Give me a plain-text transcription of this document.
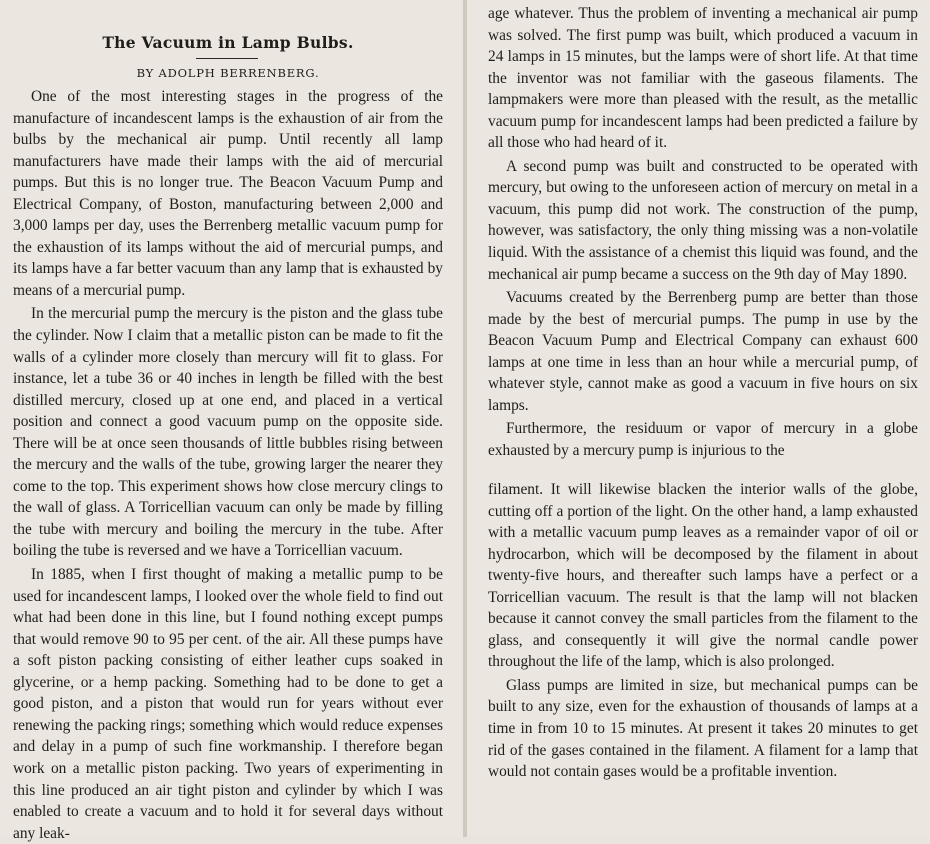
The Vacuum in Lamp Bulbs.
BY ADOLPH BERRENBERG.

One of the most interesting stages in the progress of the manufacture of incandescent lamps is the exhaustion of air from the bulbs by the mechanical air pump. Until recently all lamp manufacturers have made their lamps with the aid of mercurial pumps. But this is no longer true. The Beacon Vacuum Pump and Electrical Company, of Boston, manufacturing between 2,000 and 3,000 lamps per day, uses the Berrenberg metallic vacuum pump for the exhaustion of its lamps without the aid of mercurial pumps, and its lamps have a far better vacuum than any lamp that is exhausted by means of a mercurial pump.

In the mercurial pump the mercury is the piston and the glass tube the cylinder. Now I claim that a metallic piston can be made to fit the walls of a cylinder more closely than mercury will fit to glass. For instance, let a tube 36 or 40 inches in length be filled with the best distilled mercury, closed up at one end, and placed in a vertical position and connect a good vacuum pump on the opposite side. There will be at once seen thousands of little bubbles rising between the mercury and the walls of the tube, growing larger the nearer they come to the top. This experiment shows how close mercury clings to the wall of glass. A Torricellian vacuum can only be made by filling the tube with mercury and boiling the mercury in the tube. After boiling the tube is reversed and we have a Torricellian vacuum.

In 1885, when I first thought of making a metallic pump to be used for incandescent lamps, I looked over the whole field to find out what had been done in this line, but I found nothing except pumps that would remove 90 to 95 per cent. of the air. All these pumps have a soft piston packing consisting of either leather cups soaked in glycerine, or a hemp packing. Something had to be done to get a good piston, and a piston that would run for years without ever renewing the packing rings; something which would reduce expenses and delay in a pump of such fine workmanship. I therefore began work on a metallic piston packing. Two years of experimenting in this line produced an air tight piston and cylinder by which I was enabled to create a vacuum and to hold it for several days without any leak-

age whatever. Thus the problem of inventing a mechanical air pump was solved. The first pump was built, which produced a vacuum in 24 lamps in 15 minutes, but the lamps were of short life. At that time the inventor was not familiar with the gaseous filaments. The lampmakers were more than pleased with the result, as the metallic vacuum pump for incandescent lamps had been predicted a failure by all those who had heard of it.

A second pump was built and constructed to be operated with mercury, but owing to the unforeseen action of mercury on metal in a vacuum, this pump did not work. The construction of the pump, however, was satisfactory, the only thing missing was a non-volatile liquid. With the assistance of a chemist this liquid was found, and the mechanical air pump became a success on the 9th day of May 1890.

Vacuums created by the Berrenberg pump are better than those made by the best of mercurial pumps. The pump in use by the Beacon Vacuum Pump and Electrical Company can exhaust 600 lamps at one time in less than an hour while a mercurial pump, of whatever style, cannot make as good a vacuum in five hours on six lamps.

Furthermore, the residuum or vapor of mercury in a globe exhausted by a mercury pump is injurious to the

filament. It will likewise blacken the interior walls of the globe, cutting off a portion of the light. On the other hand, a lamp exhausted with a metallic vacuum pump leaves as a remainder vapor of oil or hydrocarbon, which will be decomposed by the filament in about twenty-five hours, and thereafter such lamps have a perfect or a Torricellian vacuum. The result is that the lamp will not blacken because it cannot convey the small particles from the filament to the glass, and consequently it will give the normal candle power throughout the life of the lamp, which is also prolonged.

Glass pumps are limited in size, but mechanical pumps can be built to any size, even for the exhaustion of thousands of lamps at a time in from 10 to 15 minutes. At present it takes 20 minutes to get rid of the gases contained in the filament. A filament for a lamp that would not contain gases would be a profitable invention.
